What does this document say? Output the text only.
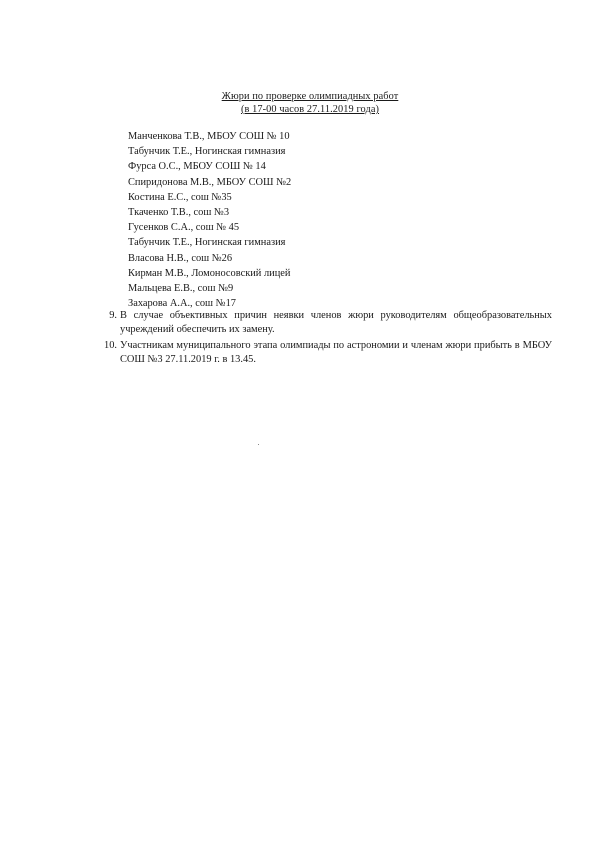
Жюри по проверке олимпиадных работ
(в 17-00 часов 27.11.2019 года)
Манченкова Т.В., МБОУ СОШ № 10
Табунчик Т.Е., Ногинская гимназия
Фурса О.С., МБОУ СОШ № 14
Спиридонова М.В., МБОУ СОШ №2
Костина Е.С., сош №35
Ткаченко Т.В., сош №3
Гусенков С.А., сош № 45
Табунчик Т.Е., Ногинская гимназия
Власова Н.В., сош №26
Кирман М.В., Ломоносовский лицей
Мальцева Е.В., сош №9
Захарова А.А., сош №17
9. В случае объективных причин неявки членов жюри руководителям общеобразовательных учреждений обеспечить их замену.
10. Участникам муниципального этапа олимпиады по астрономии и членам жюри прибыть в МБОУ СОШ №3 27.11.2019 г. в 13.45.
